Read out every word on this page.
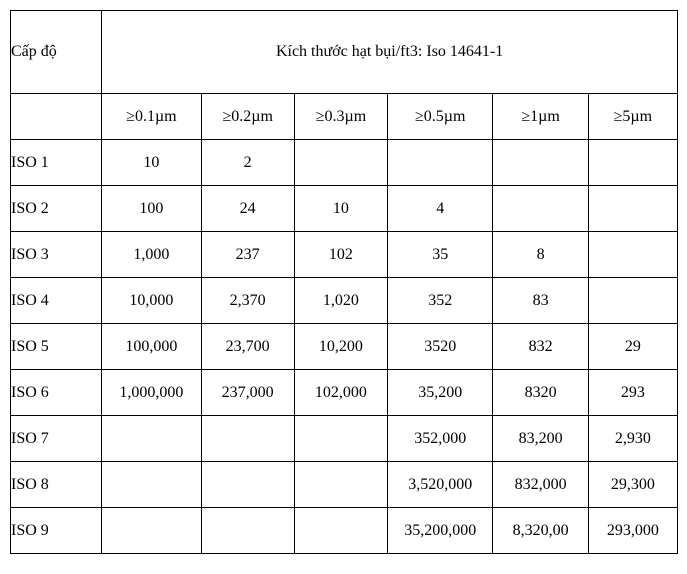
Cấp độ	Kích thước hạt bụi/ft3: Iso 14641-1					
	≥0.1µm	≥0.2µm	≥0.3µm	≥0.5µm	≥1µm	≥5µm
ISO 1	10	2				
ISO 2	100	24	10	4		
ISO 3	1,000	237	102	35	8	
ISO 4	10,000	2,370	1,020	352	83	
ISO 5	100,000	23,700	10,200	3520	832	29
ISO 6	1,000,000	237,000	102,000	35,200	8320	293
ISO 7				352,000	83,200	2,930
ISO 8				3,520,000	832,000	29,300
ISO 9				35,200,000	8,320,00	293,000
